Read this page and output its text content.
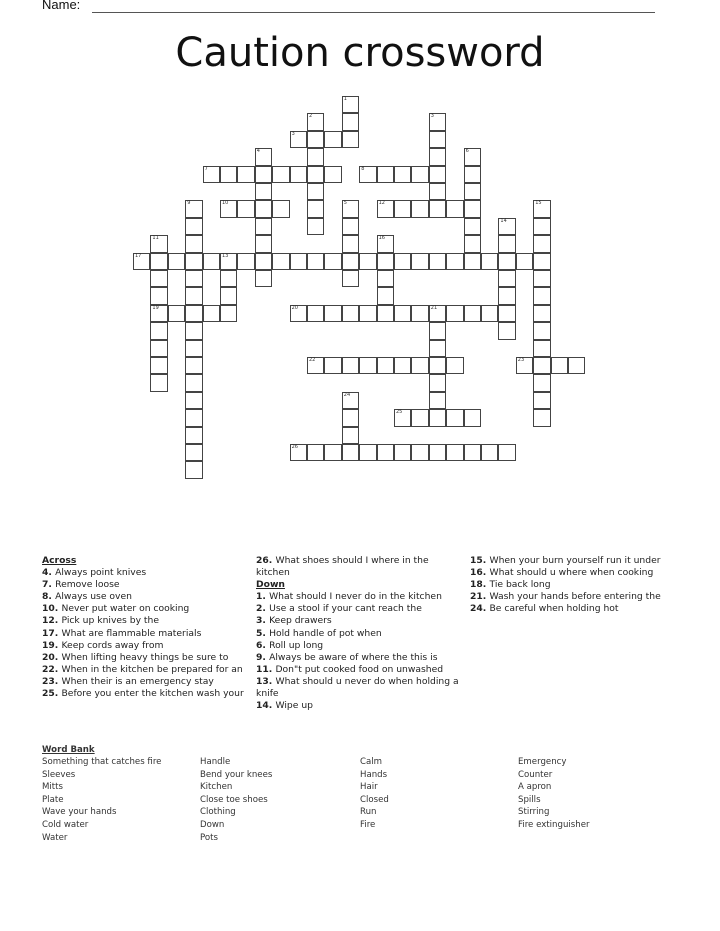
Name:
Caution crossword
1
2
3
3
4
5
6
7	8
9	10
11
19
12
13
14
15
16
17
20	21
22	23
24
25
26
Across
4. Always point knives
7. Remove loose
8. Always use oven
10. Never put water on cooking
12. Pick up knives by the
17. What are flammable materials
19. Keep cords away from
20. When lifting heavy things be sure to
22. When in the kitchen be prepared for an
23. When their is an emergency stay
25. Before you enter the kitchen wash your
26. What shoes should I where in the kitchen
Down
1. What should I never do in the kitchen
2. Use a stool if your cant reach the
3. Keep drawers
5. Hold handle of pot when
6. Roll up long
9. Always be aware of where the this is
11. Don"t put cooked food on unwashed
13. What should u never do when holding a knife
14. Wipe up
15. When your burn yourself run it under
16. What should u where when cooking
18. Tie back long
21. Wash your hands before entering the
24. Be careful when holding hot
Word Bank
Something that catches fire
Sleeves
Mitts
Plate
Wave your hands
Cold water
Water
Handle
Bend your knees
Kitchen
Close toe shoes
Clothing
Down
Pots
Calm
Hands
Hair
Closed
Run
Fire
Emergency
Counter
A apron
Spills
Stirring
Fire extinguisher
